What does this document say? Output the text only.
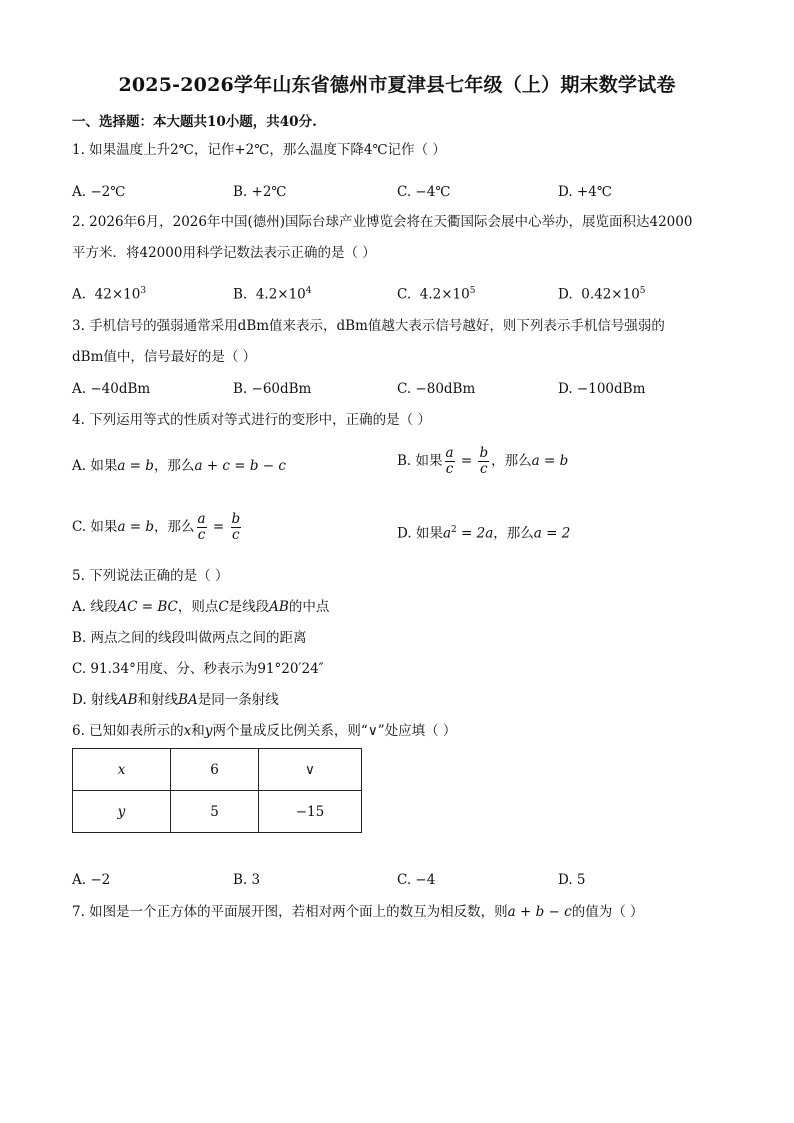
2025-2026学年山东省德州市夏津县七年级（上）期末数学试卷
一、选择题：本大题共10小题，共40分.
1. 如果温度上升2℃，记作+2℃，那么温度下降4℃记作（ ）
A. −2℃	B. +2℃	C. −4℃	D. +4℃
2. 2026年6月，2026年中国(德州)国际台球产业博览会将在天衢国际会展中心举办，展览面积达42000
平方米．将42000用科学记数法表示正确的是（ ）
A. $42\times 10^3$	B. $4.2\times 10^4$	C. $4.2\times 10^5$	D. $0.42\times 10^5$
3. 手机信号的强弱通常采用dBm值来表示，dBm值越大表示信号越好，则下列表示手机信号强弱的
dBm值中，信号最好的是（ ）
A. −40dBm	B. −60dBm	C. −80dBm	D. −100dBm
4. 下列运用等式的性质对等式进行的变形中，正确的是（ ）
A. 如果a = b，那么a + c = b − c	B. 如果 $\frac{a}{c} = \frac{b}{c}$ ，那么a = b
C. 如果a = b，那么 $\frac{a}{c} = \frac{b}{c}$	D. 如果$a^2 = 2a$，那么a = 2
5. 下列说法正确的是（ ）
A. 线段AC = BC，则点C是线段AB的中点
B. 两点之间的线段叫做两点之间的距离
C. 91.34°用度、分、秒表示为91°20′24″
D. 射线AB和射线BA是同一条射线
6. 已知如表所示的x和y两个量成反比例关系，则“∨”处应填（ ）
x	6	∨
y	5	−15
A. −2	B. 3	C. −4	D. 5
7. 如图是一个正方体的平面展开图，若相对两个面上的数互为相反数，则a + b − c的值为（ ）
